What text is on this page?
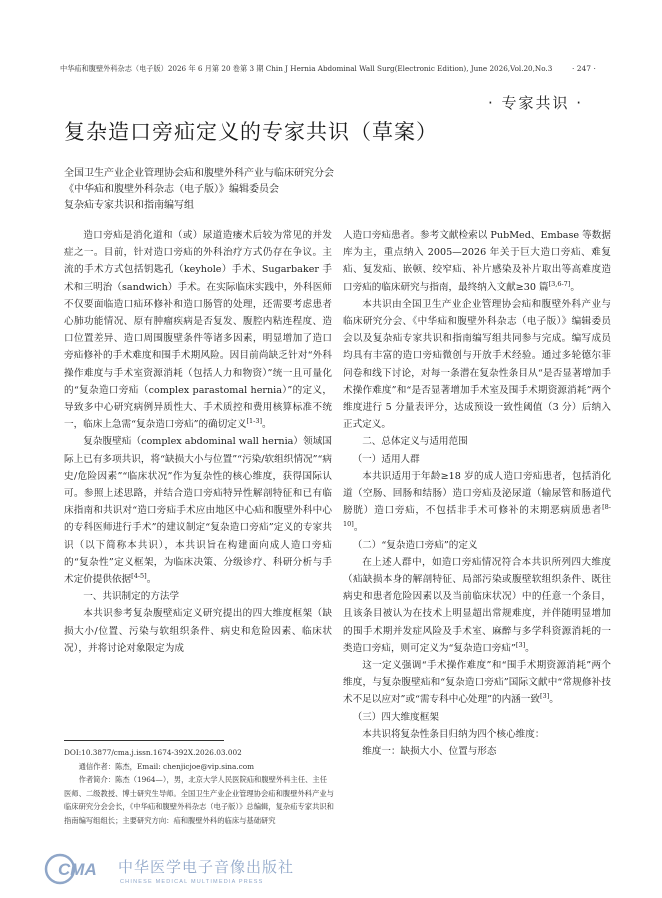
中华疝和腹壁外科杂志（电子版）2026 年 6 月第 20 卷第 3 期 Chin J Hernia Abdominal Wall Surg(Electronic Edition), June 2026,Vol.20,No.3	· 247 ·
· 专家共识 ·
复杂造口旁疝定义的专家共识（草案）
全国卫生产业企业管理协会疝和腹壁外科产业与临床研究分会
《中华疝和腹壁外科杂志（电子版）》编辑委员会
复杂疝专家共识和指南编写组

造口旁疝是消化道和（或）尿道造瘘术后较为常见的并发症之一。目前，针对造口旁疝的外科治疗方式仍存在争议。主流的手术方式包括钥匙孔（keyhole）手术、Sugarbaker 手术和三明治（sandwich）手术。在实际临床实践中，外科医师不仅要面临造口疝环修补和造口肠管的处理，还需要考虑患者心肺功能情况、原有肿瘤疾病是否复发、腹腔内粘连程度、造口位置差异、造口周围腹壁条件等诸多因素，明显增加了造口旁疝修补的手术难度和围手术期风险。因目前尚缺乏针对“外科操作难度与手术室资源消耗（包括人力和物资）”统一且可量化的“复杂造口旁疝（complex parastomal hernia）”的定义，导致多中心研究病例异质性大、手术质控和费用核算标准不统一，临床上急需“复杂造口旁疝”的确切定义[1-3]。

复杂腹壁疝（complex abdominal wall hernia）领域国际上已有多项共识，将“缺损大小与位置”“污染/软组织情况”“病史/危险因素”“临床状况”作为复杂性的核心维度，获得国际认可。参照上述思路，并结合造口旁疝特异性解剖特征和已有临床指南和共识对“造口旁疝手术应由地区中心疝和腹壁外科中心的专科医师进行手术”的建议制定“复杂造口旁疝”定义的专家共识（以下简称本共识），本共识旨在构建面向成人造口旁疝的“复杂性”定义框架，为临床决策、分级诊疗、科研分析与手术定价提供依据[4-5]。

一、共识制定的方法学

本共识参考复杂腹壁疝定义研究提出的四大维度框架（缺损大小/位置、污染与软组织条件、病史和危险因素、临床状况），并将讨论对象限定为成

人造口旁疝患者。参考文献检索以 PubMed、Embase 等数据库为主，重点纳入 2005—2026 年关于巨大造口旁疝、难复疝、复发疝、嵌顿、绞窄疝、补片感染及补片取出等高难度造口旁疝的临床研究与指南，最终纳入文献≥30 篇[3,6-7]。

本共识由全国卫生产业企业管理协会疝和腹壁外科产业与临床研究分会、《中华疝和腹壁外科杂志（电子版）》编辑委员会以及复杂疝专家共识和指南编写组共同参与完成。编写成员均具有丰富的造口旁疝微创与开放手术经验。通过多轮德尔菲问卷和线下讨论，对每一条潜在复杂性条目从“是否显著增加手术操作难度”和“是否显著增加手术室及围手术期资源消耗”两个维度进行 5 分量表评分，达成预设一致性阈值（3 分）后纳入正式定义。

二、总体定义与适用范围

（一）适用人群

本共识适用于年龄≥18 岁的成人造口旁疝患者，包括消化道（空肠、回肠和结肠）造口旁疝及泌尿道（输尿管和肠道代膀胱）造口旁疝，不包括非手术可修补的末期恶病质患者[8-10]。

（二）“复杂造口旁疝”的定义

在上述人群中，如造口旁疝情况符合本共识所列四大维度（疝缺损本身的解剖特征、局部污染或腹壁软组织条件、既往病史和患者危险因素以及当前临床状况）中的任意一个条目，且该条目被认为在技术上明显超出常规难度，并伴随明显增加的围手术期并发症风险及手术室、麻醉与多学科资源消耗的一类造口旁疝，则可定义为“复杂造口旁疝”[3]。

这一定义强调“手术操作难度”和“围手术期资源消耗”两个维度，与复杂腹壁疝和“复杂造口旁疝”国际文献中“常规修补技术不足以应对”或“需专科中心处理”的内涵一致[3]。

（三）四大维度框架

本共识将复杂性条目归纳为四个核心维度：

维度一：缺损大小、位置与形态

DOI:10.3877/cma.j.issn.1674-392X.2026.03.002

通信作者：陈杰，Email: chenjicjoe@vip.sina.com

作者简介：陈杰（1964—），男，北京大学人民医院疝和腹壁外科主任、主任医师、二级教授、博士研究生导师。全国卫生产业企业管理协会疝和腹壁外科产业与临床研究分会会长，《中华疝和腹壁外科杂志（电子版）》总编辑，复杂疝专家共识和指南编写组组长；主要研究方向：疝和腹壁外科的临床与基础研究

CMA 中华医学电子音像出版社
CHINESE MEDICAL MULTIMEDIA PRESS
